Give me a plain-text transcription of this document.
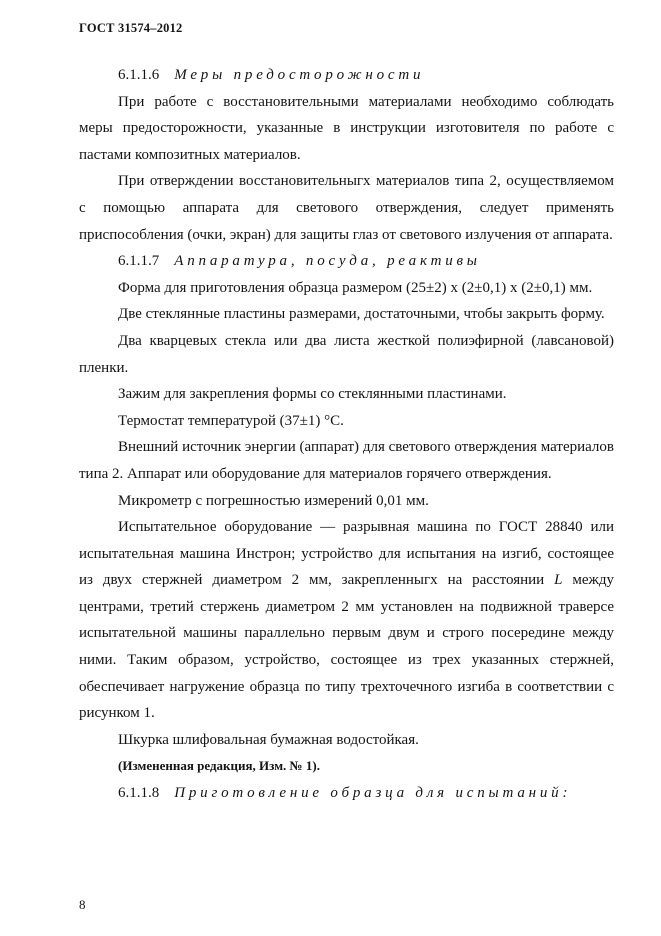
ГОСТ 31574–2012

6.1.1.6 Меры предосторожности

При работе с восстановительными материалами необходимо соблюдать меры предосторожности, указанные в инструкции изготовителя по работе с пастами композитных материалов.

При отверждении восстановительныгх материалов типа 2, осуществляемом с помощью аппарата для светового отверждения, следует применять приспособления (очки, экран) для защиты глаз от светового излучения от аппарата.

6.1.1.7 Аппаратура, посуда, реактивы

Форма для приготовления образца размером (25±2) х (2±0,1) х (2±0,1) мм.

Две стеклянные пластины размерами, достаточными, чтобы закрыть форму.

Два кварцевых стекла или два листа жесткой полиэфирной (лавсановой) пленки.

Зажим для закрепления формы со стеклянными пластинами.

Термостат температурой (37±1) °С.

Внешний источник энергии (аппарат) для светового отверждения материалов типа 2. Аппарат или оборудование для материалов горячего отверждения.

Микрометр с погрешностью измерений 0,01 мм.

Испытательное оборудование — разрывная машина по ГОСТ 28840 или испытательная машина Инстрон; устройство для испытания на изгиб, состоящее из двух стержней диаметром 2 мм, закрепленныгх на расстоянии L между центрами, третий стержень диаметром 2 мм установлен на подвижной траверсе испытательной машины параллельно первым двум и строго посередине между ними. Таким образом, устройство, состоящее из трех указанных стержней, обеспечивает нагружение образца по типу трехточечного изгиба в соответствии с рисунком 1.

Шкурка шлифовальная бумажная водостойкая.

(Измененная редакция, Изм. № 1).

6.1.1.8 Приготовление образца для испытаний:

8
